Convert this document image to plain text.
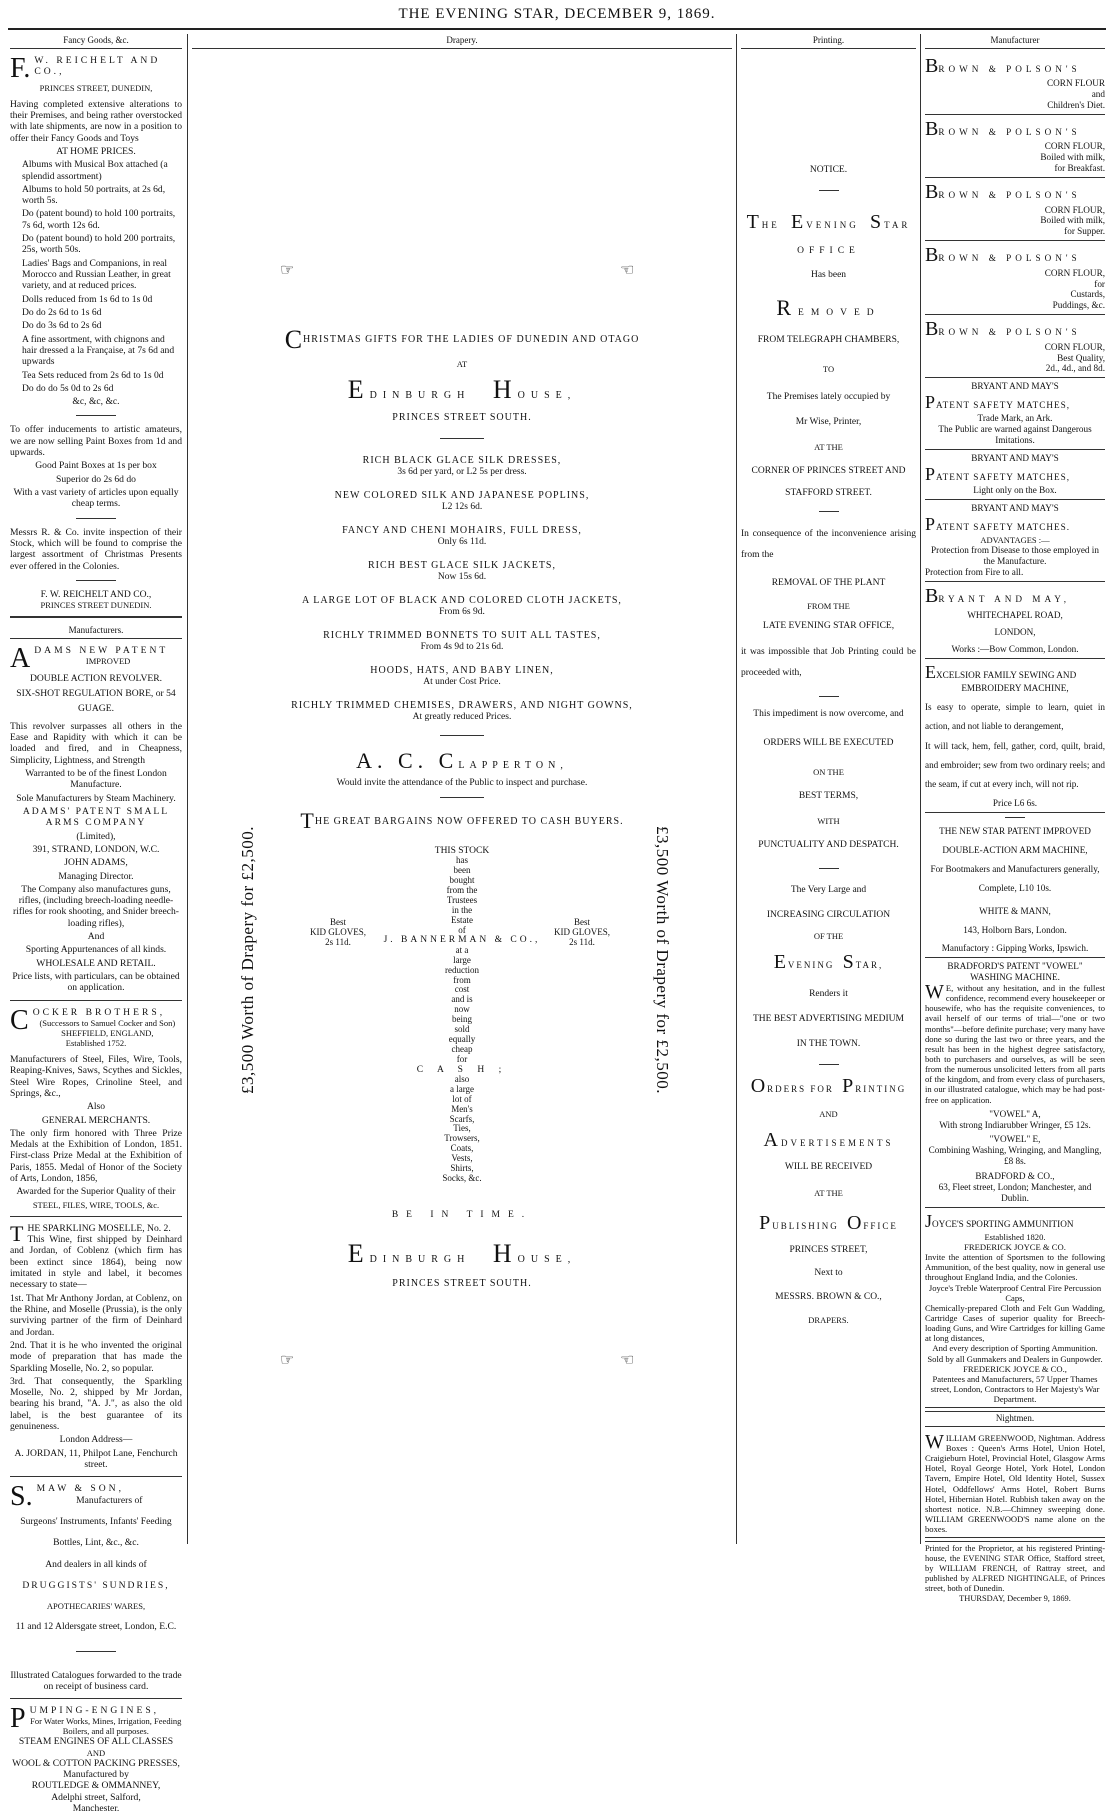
THE EVENING STAR, DECEMBER 9, 1869.
Fancy Goods, &c.
F. W. REICHELT AND CO.,
PRINCES STREET, DUNEDIN,
Having completed extensive alterations to their Premises, and being rather overstocked with late shipments, are now in a position to offer their Fancy Goods and Toys
AT HOME PRICES.
Albums with Musical Box attached (a splendid assortment)
Albums to hold 50 portraits, at 2s 6d, worth 5s.
Do (patent bound) to hold 100 portraits, 7s 6d, worth 12s 6d.
Do (patent bound) to hold 200 portraits, 25s, worth 50s.
Ladies' Bags and Companions, in real Morocco and Russian Leather, in great variety, and at reduced prices.
Dolls reduced from 1s 6d to 1s 0d
Do do 2s 6d to 1s 6d
Do do 3s 6d to 2s 6d
A fine assortment, with chignons and hair dressed a la Française, at 7s 6d and upwards
Tea Sets reduced from 2s 6d to 1s 0d
Do do do 5s 0d to 2s 6d
&c, &c, &c.
To offer inducements to artistic amateurs, we are now selling Paint Boxes from 1d and upwards.
Good Paint Boxes at 1s per box
Superior do 2s 6d do
With a vast variety of articles upon equally cheap terms.
Messrs R. & Co. invite inspection of their Stock, which will be found to comprise the largest assortment of Christmas Presents ever offered in the Colonies.
F. W. REICHELT AND CO.,
PRINCES STREET DUNEDIN.
Manufacturers.
ADAMS NEW PATENT
IMPROVED
DOUBLE ACTION REVOLVER.
SIX-SHOT REGULATION BORE, or 54
GUAGE.
This revolver surpasses all others in the Ease and Rapidity with which it can be loaded and fired, and in Cheapness, Simplicity, Lightness, and Strength
Warranted to be of the finest London Manufacture.
Sole Manufacturers by Steam Machinery.
ADAMS' PATENT SMALL ARMS COMPANY
(Limited),
391, STRAND, LONDON, W.C.
JOHN ADAMS,
Managing Director.
The Company also manufactures guns, rifles, (including breech-loading needle-rifles for rook shooting, and Snider breech-loading rifles),
And
Sporting Appurtenances of all kinds.
WHOLESALE AND RETAIL.
Price lists, with particulars, can be obtained on application.
COCKER BROTHERS,
(Successors to Samuel Cocker and Son)
SHEFFIELD, ENGLAND,
Established 1752.
Manufacturers of Steel, Files, Wire, Tools, Reaping-Knives, Saws, Scythes and Sickles, Steel Wire Ropes, Crinoline Steel, and Springs, &c.,
Also
GENERAL MERCHANTS.
The only firm honored with Three Prize Medals at the Exhibition of London, 1851. First-class Prize Medal at the Exhibition of Paris, 1855. Medal of Honor of the Society of Arts, London, 1856,
Awarded for the Superior Quality of their
STEEL, FILES, WIRE, TOOLS, &c.
THE SPARKLING MOSELLE, No. 2.
This Wine, first shipped by Deinhard and Jordan, of Coblenz (which firm has been extinct since 1864), being now imitated in style and label, it becomes necessary to state—
1st. That Mr Anthony Jordan, at Coblenz, on the Rhine, and Moselle (Prussia), is the only surviving partner of the firm of Deinhard and Jordan.
2nd. That it is he who invented the original mode of preparation that has made the Sparkling Moselle, No. 2, so popular.
3rd. That consequently, the Sparkling Moselle, No. 2, shipped by Mr Jordan, bearing his brand, "A. J.", as also the old label, is the best guarantee of its genuineness.
London Address—
A. JORDAN, 11, Philpot Lane, Fenchurch street.
S. MAW & SON,
Manufacturers of
Surgeons' Instruments, Infants' Feeding
Bottles, Lint, &c., &c.
And dealers in all kinds of
DRUGGISTS' SUNDRIES,
APOTHECARIES' WARES,
11 and 12 Aldersgate street, London, E.C.
Illustrated Catalogues forwarded to the trade on receipt of business card.
PUMPING-ENGINES,
For Water Works, Mines, Irrigation, Feeding Boilers, and all purposes.
STEAM ENGINES OF ALL CLASSES
AND
WOOL & COTTON PACKING PRESSES,
Manufactured by
ROUTLEDGE & OMMANNEY,
Adelphi street, Salford,
Manchester.
Drapery.
CHRISTMAS GIFTS FOR THE LADIES OF DUNEDIN AND OTAGO
AT
EDINBURGH HOUSE,
PRINCES STREET SOUTH.
RICH BLACK GLACE SILK DRESSES,
3s 6d per yard, or L2 5s per dress.
NEW COLORED SILK AND JAPANESE POPLINS,
L2 12s 6d.
FANCY AND CHENI MOHAIRS, FULL DRESS,
Only 6s 11d.
RICH BEST GLACE SILK JACKETS,
Now 15s 6d.
A LARGE LOT OF BLACK AND COLORED CLOTH JACKETS,
From 6s 9d.
RICHLY TRIMMED BONNETS TO SUIT ALL TASTES,
From 4s 9d to 21s 6d.
HOODS, HATS, AND BABY LINEN,
At under Cost Price.
RICHLY TRIMMED CHEMISES, DRAWERS, AND NIGHT GOWNS,
At greatly reduced Prices.
A. C. CLAPPERTON,
Would invite the attendance of the Public to inspect and purchase.
THE GREAT BARGAINS NOW OFFERED TO CASH BUYERS.
THIS STOCK
has
been
bought
from the
Trustees
in the
Estate
of
J. BANNERMAN & CO.,
Best
KID GLOVES,
2s 11d.
Best
KID GLOVES,
2s 11d.
at a
large
reduction
from
cost
and is
now
being
sold
equally
cheap
for
C A S H ;
also
a large
lot of
Men's
Scarfs,
Ties,
Trowsers,
Coats,
Vests,
Shirts,
Socks, &c.
BE IN TIME.
EDINBURGH HOUSE,
PRINCES STREET SOUTH.
£3,500 Worth of Drapery for £2,500.	£3,500 Worth of Drapery for £2,500.
☞	☜
☞	☜
Printing.
NOTICE.
THE EVENING STAR
OFFICE
Has been
REMOVED
FROM TELEGRAPH CHAMBERS,
TO
The Premises lately occupied by
Mr Wise, Printer,
AT THE
CORNER OF PRINCES STREET AND
STAFFORD STREET.
In consequence of the inconvenience arising from the
REMOVAL OF THE PLANT
FROM THE
LATE EVENING STAR OFFICE,
it was impossible that Job Printing could be proceeded with,
This impediment is now overcome, and
ORDERS WILL BE EXECUTED
ON THE
BEST TERMS,
WITH
PUNCTUALITY AND DESPATCH.
The Very Large and
INCREASING CIRCULATION
OF THE
EVENING STAR,
Renders it
THE BEST ADVERTISING MEDIUM
IN THE TOWN.
ORDERS FOR PRINTING
AND
ADVERTISEMENTS
WILL BE RECEIVED
AT THE
PUBLISHING OFFICE
PRINCES STREET,
Next to
MESSRS. BROWN & CO.,
DRAPERS.
Manufacturer
BROWN & POLSON'S
CORN FLOUR
and
Children's Diet.
BROWN & POLSON'S
CORN FLOUR,
Boiled with milk,
for Breakfast.
BROWN & POLSON'S
CORN FLOUR,
Boiled with milk,
for Supper.
BROWN & POLSON'S
CORN FLOUR,
for
Custards,
Puddings, &c.
BROWN & POLSON'S
CORN FLOUR,
Best Quality,
2d., 4d., and 8d.
BRYANT AND MAY'S
PATENT SAFETY MATCHES,
Trade Mark, an Ark.
The Public are warned against Dangerous Imitations.
BRYANT AND MAY'S
PATENT SAFETY MATCHES,
Light only on the Box.
BRYANT AND MAY'S
PATENT SAFETY MATCHES.
ADVANTAGES :—
Protection from Disease to those employed in the Manufacture.
Protection from Fire to all.
BRYANT AND MAY,
WHITECHAPEL ROAD,
LONDON,
Works :—Bow Common, London.
EXCELSIOR FAMILY SEWING AND
EMBROIDERY MACHINE,
Is easy to operate, simple to learn, quiet in action, and not liable to derangement,
It will tack, hem, fell, gather, cord, quilt, braid, and embroider; sew from two ordinary reels; and the seam, if cut at every inch, will not rip.
Price L6 6s.
THE NEW STAR PATENT IMPROVED
DOUBLE-ACTION ARM MACHINE,
For Bootmakers and Manufacturers generally,
Complete, L10 10s.
WHITE & MANN,
143, Holborn Bars, London.
Manufactory : Gipping Works, Ipswich.
BRADFORD'S PATENT "VOWEL"
WASHING MACHINE.
W E, without any hesitation, and in the fullest confidence, recommend every housekeeper or housewife, who has the requisite conveniences, to avail herself of our terms of trial—"one or two months"—before definite purchase; very many have done so during the last two or three years, and the result has been in the highest degree satisfactory, both to purchasers and ourselves, as will be seen from the numerous unsolicited letters from all parts of the kingdom, and from every class of purchasers, in our illustrated catalogue, which may be had post-free on application.
"VOWEL" A,
With strong Indiarubber Wringer, £5 12s.
"VOWEL" E,
Combining Washing, Wringing, and Mangling, £8 8s.
BRADFORD & CO.,
63, Fleet street, London; Manchester, and Dublin.
JOYCE'S SPORTING AMMUNITION
Established 1820.
FREDERICK JOYCE & CO.
Invite the attention of Sportsmen to the following Ammunition, of the best quality, now in general use throughout England India, and the Colonies.
Joyce's Treble Waterproof Central Fire Percussion Caps,
Chemically-prepared Cloth and Felt Gun Wadding, Cartridge Cases of superior quality for Breech-loading Guns, and Wire Cartridges for killing Game at long distances,
And every description of Sporting Ammunition. Sold by all Gunmakers and Dealers in Gunpowder.
FREDERICK JOYCE & CO.,
Patentees and Manufacturers, 57 Upper Thames street, London, Contractors to Her Majesty's War Department.
Nightmen.
WILLIAM GREENWOOD, Nightman. Address Boxes : Queen's Arms Hotel, Union Hotel, Craigieburn Hotel, Provincial Hotel, Glasgow Arms Hotel, Royal George Hotel, York Hotel, London Tavern, Empire Hotel, Old Identity Hotel, Sussex Hotel, Oddfellows' Arms Hotel, Robert Burns Hotel, Hibernian Hotel. Rubbish taken away on the shortest notice. N.B.—Chimney sweeping done. WILLIAM GREENWOOD'S name alone on the boxes.
Printed for the Proprietor, at his registered Printing-house, the EVENING STAR Office, Stafford street, by WILLIAM FRENCH, of Rattray street, and published by ALFRED NIGHTINGALE, of Princes street, both of Dunedin.
THURSDAY, December 9, 1869.
